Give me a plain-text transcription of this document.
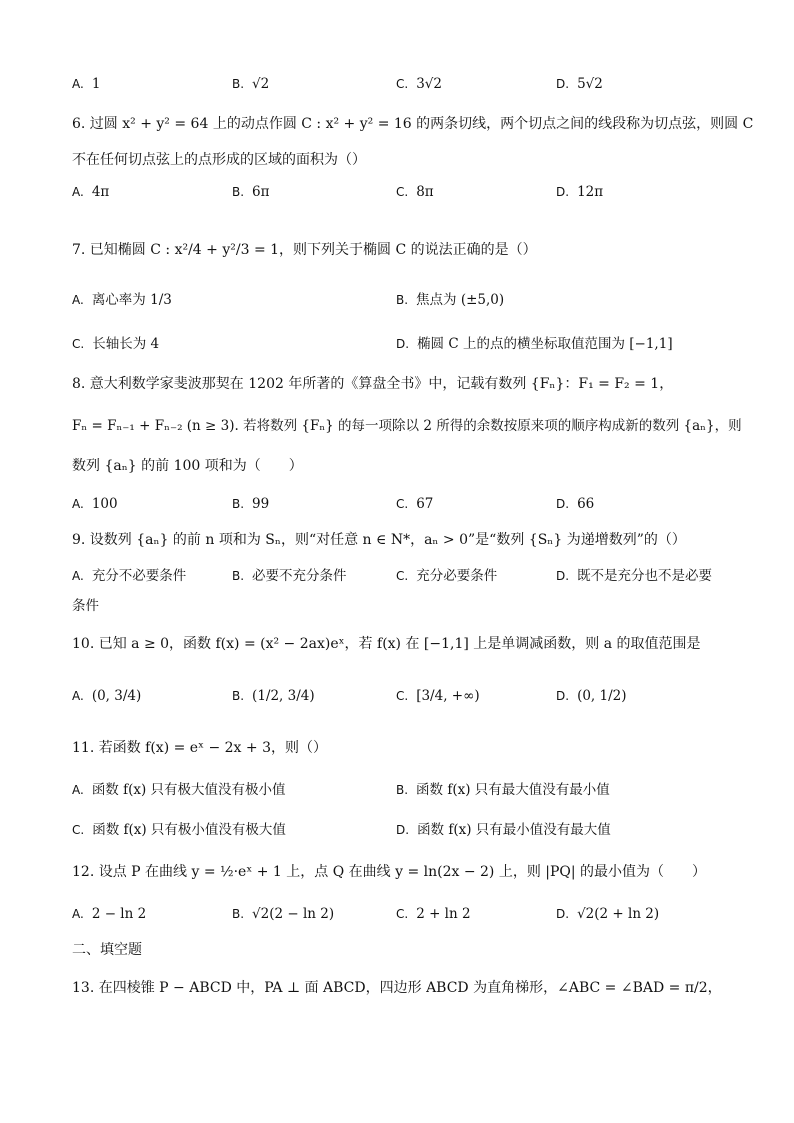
A. 1	B. √2	C. 3√2	D. 5√2
6. 过圆 x² + y² = 64 上的动点作圆 C : x² + y² = 16 的两条切线，两个切点之间的线段称为切点弦，则圆 C
不在任何切点弦上的点形成的区域的面积为（）
A. 4π	B. 6π	C. 8π	D. 12π
7. 已知椭圆 C : x²/4 + y²/3 = 1，则下列关于椭圆 C 的说法正确的是（）
A. 离心率为 1/3	B. 焦点为 (±5,0)
C. 长轴长为 4	D. 椭圆 C 上的点的横坐标取值范围为 [−1,1]
8. 意大利数学家斐波那契在 1202 年所著的《算盘全书》中，记载有数列 {Fₙ}：F₁ = F₂ = 1，
Fₙ = Fₙ₋₁ + Fₙ₋₂ (n ≥ 3). 若将数列 {Fₙ} 的每一项除以 2 所得的余数按原来项的顺序构成新的数列 {aₙ}，则
数列 {aₙ} 的前 100 项和为（　　）
A. 100	B. 99	C. 67	D. 66
9. 设数列 {aₙ} 的前 n 项和为 Sₙ，则“对任意 n ∈ N*，aₙ > 0”是“数列 {Sₙ} 为递增数列”的（）
A. 充分不必要条件	B. 必要不充分条件	C. 充分必要条件	D. 既不是充分也不是必要
条件
10. 已知 a ≥ 0，函数 f(x) = (x² − 2ax)eˣ，若 f(x) 在 [−1,1] 上是单调减函数，则 a 的取值范围是
A. (0, 3/4)	B. (1/2, 3/4)	C. [3/4, +∞)	D. (0, 1/2)
11. 若函数 f(x) = eˣ − 2x + 3，则（）
A. 函数 f(x) 只有极大值没有极小值	B. 函数 f(x) 只有最大值没有最小值
C. 函数 f(x) 只有极小值没有极大值	D. 函数 f(x) 只有最小值没有最大值
12. 设点 P 在曲线 y = ½·eˣ + 1 上，点 Q 在曲线 y = ln(2x − 2) 上，则 |PQ| 的最小值为（　　）
A. 2 − ln 2	B. √2(2 − ln 2)	C. 2 + ln 2	D. √2(2 + ln 2)
二、填空题
13. 在四棱锥 P − ABCD 中，PA ⊥ 面 ABCD，四边形 ABCD 为直角梯形，∠ABC = ∠BAD = π/2，
